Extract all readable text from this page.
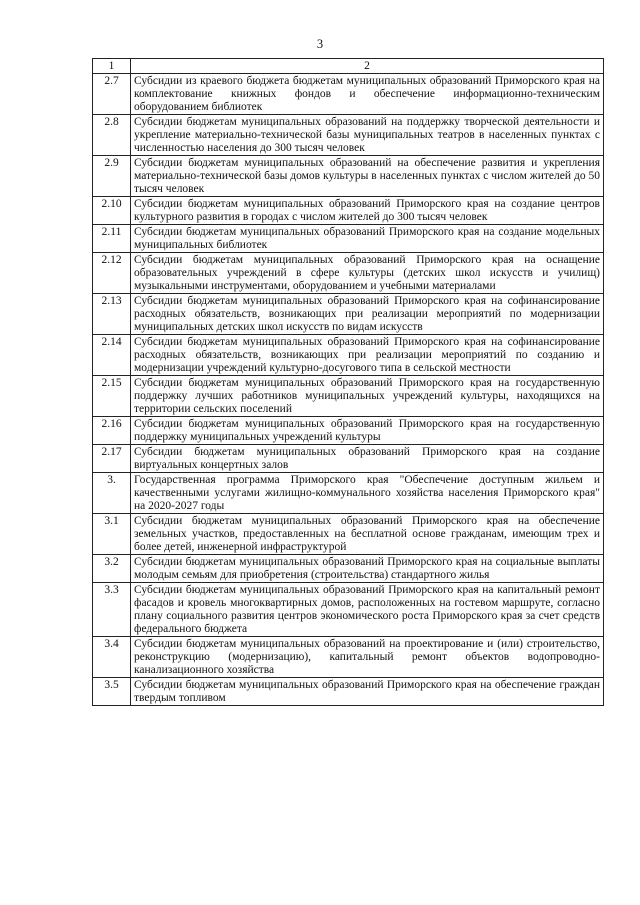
3
1	2
2.7	Субсидии из краевого бюджета бюджетам муниципальных образований Приморского края на комплектование книжных фондов и обеспечение информационно-техническим оборудованием библиотек
2.8	Субсидии бюджетам муниципальных образований на поддержку творческой деятельности и укрепление материально-технической базы муниципальных театров в населенных пунктах с численностью населения до 300 тысяч человек
2.9	Субсидии бюджетам муниципальных образований на обеспечение развития и укрепления материально-технической базы домов культуры в населенных пунктах с числом жителей до 50 тысяч человек
2.10	Субсидии бюджетам муниципальных образований Приморского края на создание центров культурного развития в городах с числом жителей до 300 тысяч человек
2.11	Субсидии бюджетам муниципальных образований Приморского края на создание модельных муниципальных библиотек
2.12	Субсидии бюджетам муниципальных образований Приморского края на оснащение образовательных учреждений в сфере культуры (детских школ искусств и училищ) музыкальными инструментами, оборудованием и учебными материалами
2.13	Субсидии бюджетам муниципальных образований Приморского края на софинансирование расходных обязательств, возникающих при реализации мероприятий по модернизации муниципальных детских школ искусств по видам искусств
2.14	Субсидии бюджетам муниципальных образований Приморского края на софинансирование расходных обязательств, возникающих при реализации мероприятий по созданию и модернизации учреждений культурно-досугового типа в сельской местности
2.15	Субсидии бюджетам муниципальных образований Приморского края на государственную поддержку лучших работников муниципальных учреждений культуры, находящихся на территории сельских поселений
2.16	Субсидии бюджетам муниципальных образований Приморского края на государственную поддержку муниципальных учреждений культуры
2.17	Субсидии бюджетам муниципальных образований Приморского края на создание виртуальных концертных залов
3.	Государственная программа Приморского края "Обеспечение доступным жильем и качественными услугами жилищно-коммунального хозяйства населения Приморского края" на 2020-2027 годы
3.1	Субсидии бюджетам муниципальных образований Приморского края на обеспечение земельных участков, предоставленных на бесплатной основе гражданам, имеющим трех и более детей, инженерной инфраструктурой
3.2	Субсидии бюджетам муниципальных образований Приморского края на социальные выплаты молодым семьям для приобретения (строительства) стандартного жилья
3.3	Субсидии бюджетам муниципальных образований Приморского края на капитальный ремонт фасадов и кровель многоквартирных домов, расположенных на гостевом маршруте, согласно плану социального развития центров экономического роста Приморского края за счет средств федерального бюджета
3.4	Субсидии бюджетам муниципальных образований на проектирование и (или) строительство, реконструкцию (модернизацию), капитальный ремонт объектов водопроводно-канализационного хозяйства
3.5	Субсидии бюджетам муниципальных образований Приморского края на обеспечение граждан твердым топливом
